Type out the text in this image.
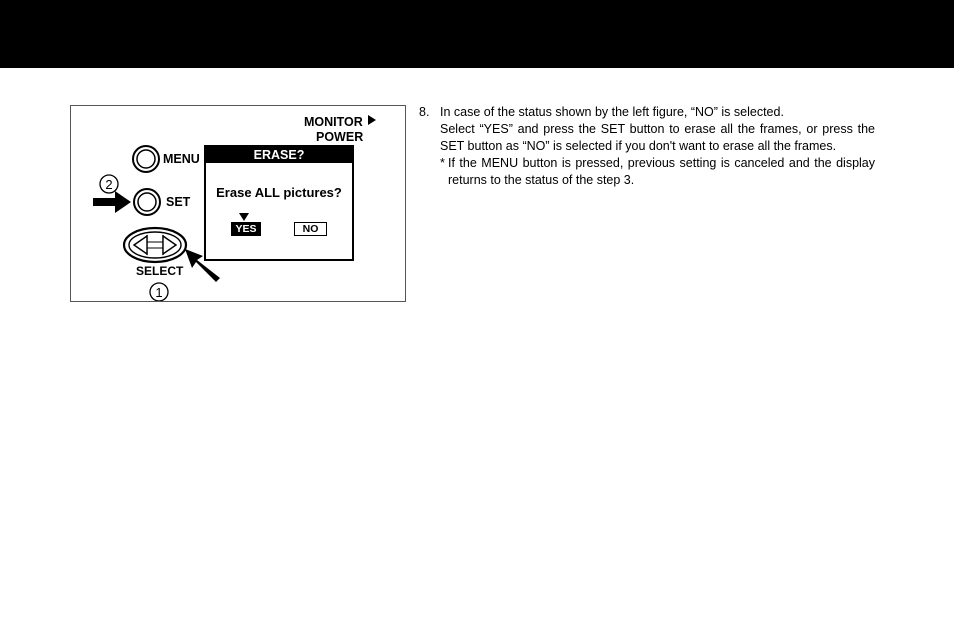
2
1
MONITOR
POWER
MENU
SET
SELECT
ERASE?
Erase ALL pictures?
YES	NO
8. In case of the status shown by the left figure, “NO” is selected.
Select “YES” and press the SET button to erase all the frames, or press the SET button as “NO” is selected if you don't want to erase all the frames.
* If the MENU button is pressed, previous setting is canceled and the display returns to the status of the step 3.
